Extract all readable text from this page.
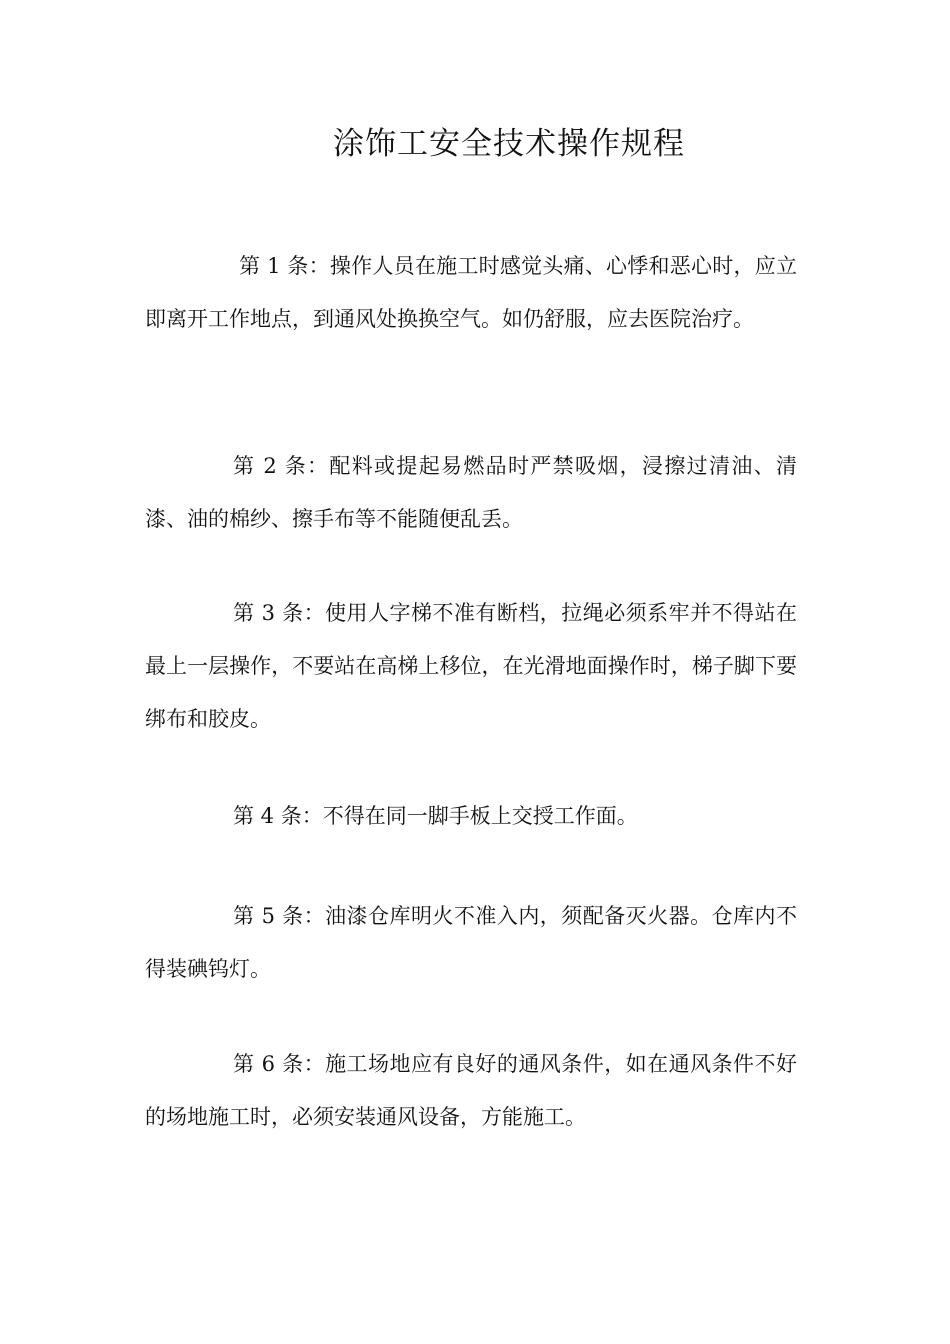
涂饰工安全技术操作规程

第 1 条：操作人员在施工时感觉头痛、心悸和恶心时，应立即离开工作地点，到通风处换换空气。如仍舒服，应去医院治疗。

第 2 条：配料或提起易燃品时严禁吸烟，浸擦过清油、清漆、油的棉纱、擦手布等不能随便乱丢。

第 3 条：使用人字梯不准有断档，拉绳必须系牢并不得站在最上一层操作，不要站在高梯上移位，在光滑地面操作时，梯子脚下要绑布和胶皮。

第 4 条：不得在同一脚手板上交授工作面。

第 5 条：油漆仓库明火不准入内，须配备灭火器。仓库内不得装碘钨灯。

第 6 条：施工场地应有良好的通风条件，如在通风条件不好的场地施工时，必须安装通风设备，方能施工。
